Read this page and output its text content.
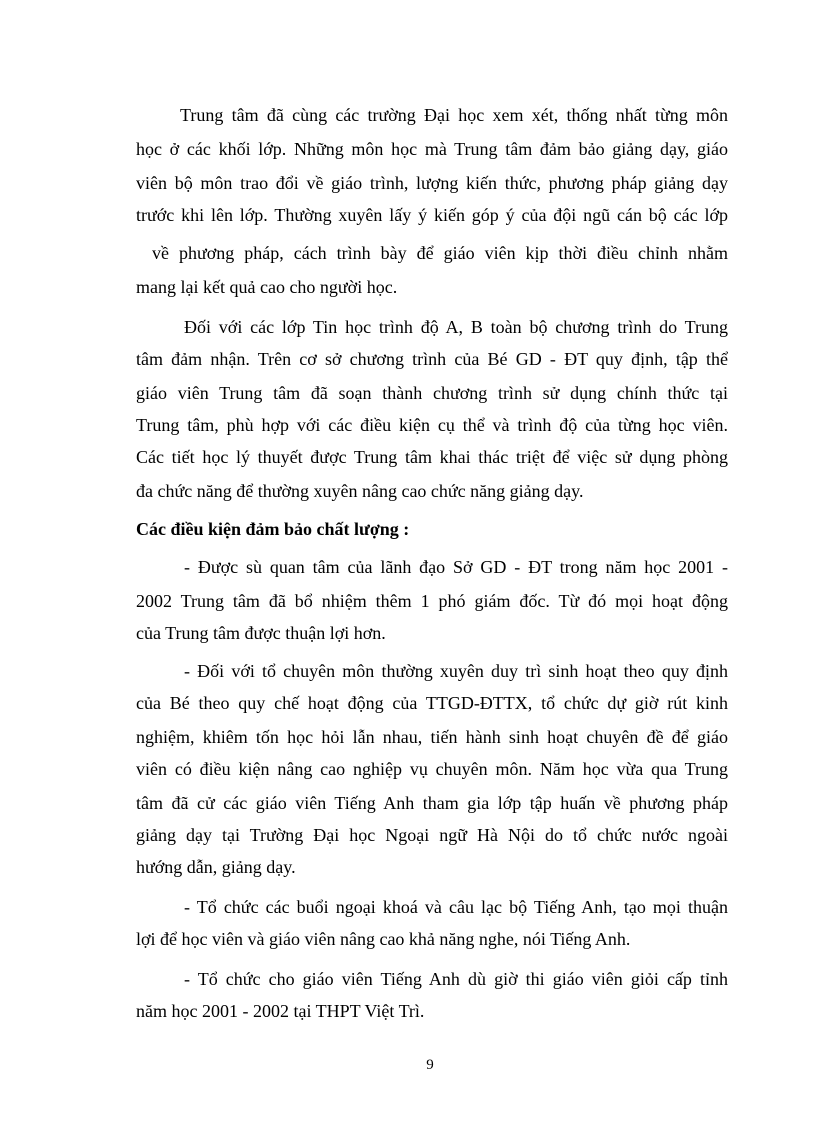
Trung tâm đã cùng các trường Đại học xem xét, thống nhất từng môn
học ở các khối lớp. Những môn học mà Trung tâm đảm bảo giảng dạy, giáo
viên bộ môn trao đổi về giáo trình, lượng kiến thức, phương pháp giảng dạy
trước khi lên lớp. Thường xuyên lấy ý kiến góp ý của đội ngũ cán bộ các lớp
về phương pháp, cách trình bày để giáo viên kịp thời điều chỉnh nhằm
mang lại kết quả cao cho người học.
Đối với các lớp Tin học trình độ A, B toàn bộ chương trình do Trung
tâm đảm nhận. Trên cơ sở chương trình của Bé GD - ĐT quy định, tập thể
giáo viên Trung tâm đã soạn thành chương trình sử dụng chính thức tại
Trung tâm, phù hợp với các điều kiện cụ thể và trình độ của từng học viên.
Các tiết học lý thuyết được Trung tâm khai thác triệt để việc sử dụng phòng
đa chức năng để thường xuyên nâng cao chức năng giảng dạy.
Các điều kiện đảm bảo chất lượng :
- Được sù quan tâm của lãnh đạo Sở GD - ĐT trong năm học 2001 -
2002 Trung tâm đã bổ nhiệm thêm 1 phó giám đốc. Từ đó mọi hoạt động
của Trung tâm được thuận lợi hơn.
- Đối với tổ chuyên môn thường xuyên duy trì sinh hoạt theo quy định
của Bé theo quy chế hoạt động của TTGD-ĐTTX, tổ chức dự giờ rút kinh
nghiệm, khiêm tốn học hỏi lẫn nhau, tiến hành sinh hoạt chuyên đề để giáo
viên có điều kiện nâng cao nghiệp vụ chuyên môn. Năm học vừa qua Trung
tâm đã cử các giáo viên Tiếng Anh tham gia lớp tập huấn về phương pháp
giảng dạy tại Trường Đại học Ngoại ngữ Hà Nội do tổ chức nước ngoài
hướng dẫn, giảng dạy.
- Tổ chức các buổi ngoại khoá và câu lạc bộ Tiếng Anh, tạo mọi thuận
lợi để học viên và giáo viên nâng cao khả năng nghe, nói Tiếng Anh.
- Tổ chức cho giáo viên Tiếng Anh dù giờ thi giáo viên giỏi cấp tỉnh
năm học 2001 - 2002 tại THPT Việt Trì.
9
